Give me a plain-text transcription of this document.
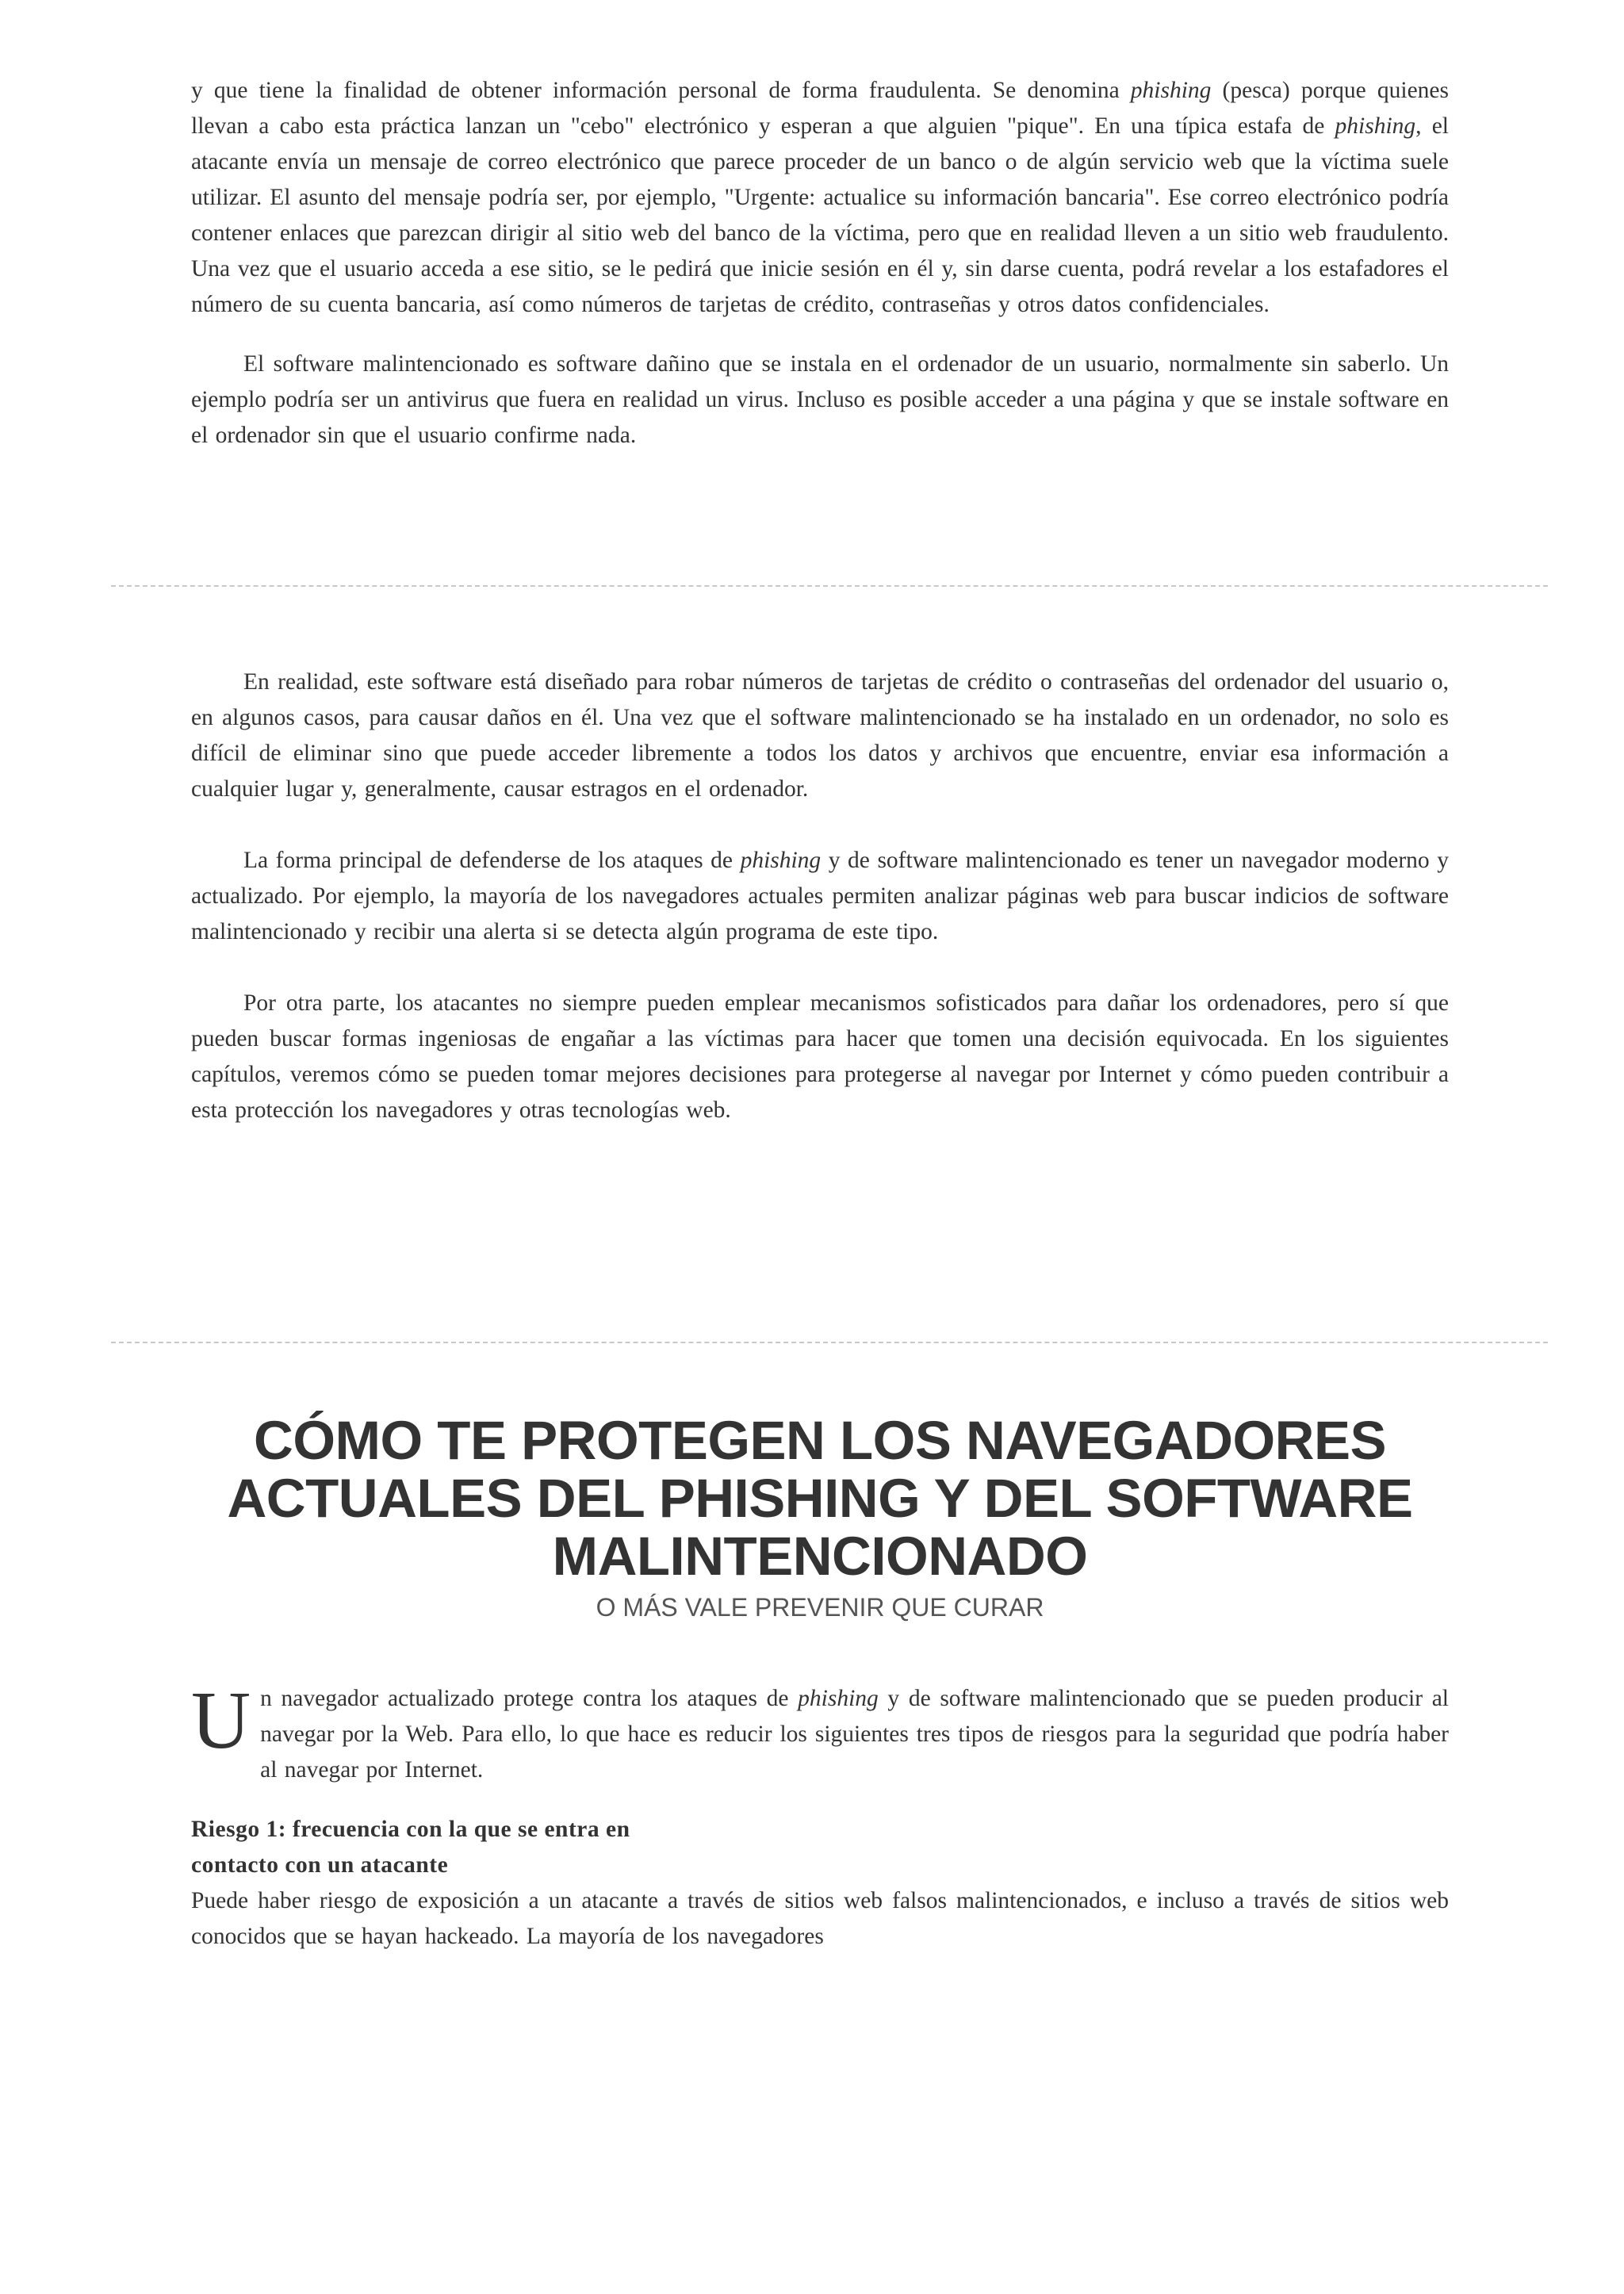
y que tiene la finalidad de obtener información personal de forma fraudulenta. Se denomina phishing (pesca) porque quienes llevan a cabo esta práctica lanzan un "cebo" electrónico y esperan a que alguien "pique". En una típica estafa de phishing, el atacante envía un mensaje de correo electrónico que parece proceder de un banco o de algún servicio web que la víctima suele utilizar. El asunto del mensaje podría ser, por ejemplo, "Urgente: actualice su información bancaria". Ese correo electrónico podría contener enlaces que parezcan dirigir al sitio web del banco de la víctima, pero que en realidad lleven a un sitio web fraudulento. Una vez que el usuario acceda a ese sitio, se le pedirá que inicie sesión en él y, sin darse cuenta, podrá revelar a los estafadores el número de su cuenta bancaria, así como números de tarjetas de crédito, contraseñas y otros datos confidenciales.

El software malintencionado es software dañino que se instala en el ordenador de un usuario, normalmente sin saberlo. Un ejemplo podría ser un antivirus que fuera en realidad un virus. Incluso es posible acceder a una página y que se instale software en el ordenador sin que el usuario confirme nada.

En realidad, este software está diseñado para robar números de tarjetas de crédito o contraseñas del ordenador del usuario o, en algunos casos, para causar daños en él. Una vez que el software malintencionado se ha instalado en un ordenador, no solo es difícil de eliminar sino que puede acceder libremente a todos los datos y archivos que encuentre, enviar esa información a cualquier lugar y, generalmente, causar estragos en el ordenador.

La forma principal de defenderse de los ataques de phishing y de software malintencionado es tener un navegador moderno y actualizado. Por ejemplo, la mayoría de los navegadores actuales permiten analizar páginas web para buscar indicios de software malintencionado y recibir una alerta si se detecta algún programa de este tipo.

Por otra parte, los atacantes no siempre pueden emplear mecanismos sofisticados para dañar los ordenadores, pero sí que pueden buscar formas ingeniosas de engañar a las víctimas para hacer que tomen una decisión equivocada. En los siguientes capítulos, veremos cómo se pueden tomar mejores decisiones para protegerse al navegar por Internet y cómo pueden contribuir a esta protección los navegadores y otras tecnologías web.

CÓMO TE PROTEGEN LOS NAVEGADORES
ACTUALES DEL PHISHING Y DEL SOFTWARE
MALINTENCIONADO

O MÁS VALE PREVENIR QUE CURAR

Un navegador actualizado protege contra los ataques de phishing y de software malintencionado que se pueden producir al navegar por la Web. Para ello, lo que hace es reducir los siguientes tres tipos de riesgos para la seguridad que podría haber al navegar por Internet.

Riesgo 1: frecuencia con la que se entra en
contacto con un atacante

Puede haber riesgo de exposición a un atacante a través de sitios web falsos malintencionados, e incluso a través de sitios web conocidos que se hayan hackeado. La mayoría de los navegadores
